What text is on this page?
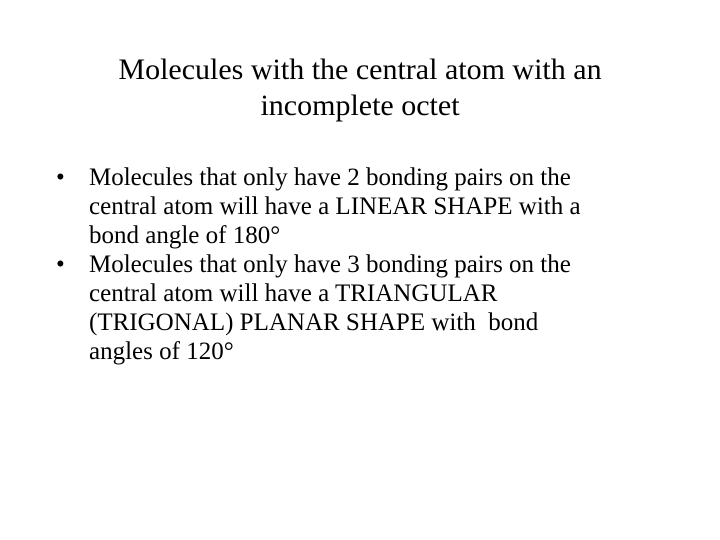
Molecules with the central atom with an
incomplete octet
• Molecules that only have 2 bonding pairs on the
central atom will have a LINEAR SHAPE with a
bond angle of 180°
• Molecules that only have 3 bonding pairs on the
central atom will have a TRIANGULAR
(TRIGONAL) PLANAR SHAPE with  bond
angles of 120°
